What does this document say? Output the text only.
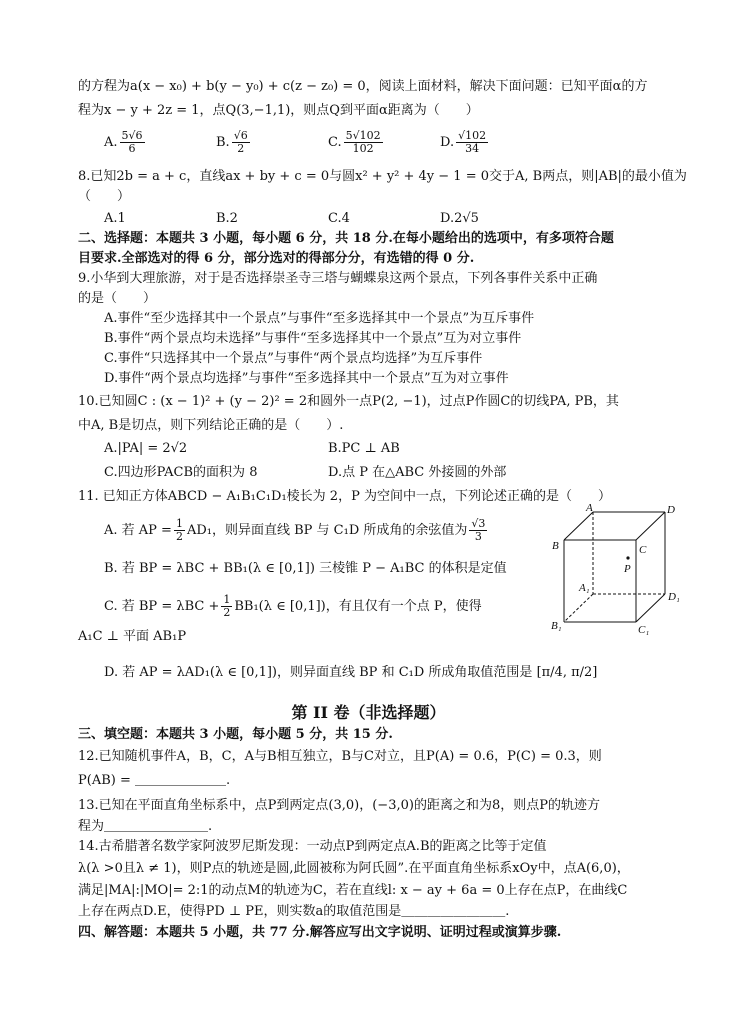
的方程为a(x − x₀) + b(y − y₀) + c(z − z₀) = 0，阅读上面材料，解决下面问题：已知平面α的方
程为x − y + 2z = 1，点Q(3,−1,1)，则点Q到平面α距离为（　　）
A. $\frac{5√6}{6}$	B. $\frac{√6}{2}$	C. $\frac{5√102}{102}$	D. $\frac{√102}{34}$
8.已知2b = a + c，直线ax + by + c = 0与圆x² + y² + 4y − 1 = 0交于A, B两点，则|AB|的最小值为
（　　）
A.1	B.2	C.4	D.2√5
二、选择题：本题共 3 小题，每小题 6 分，共 18 分.在每小题给出的选项中，有多项符合题
目要求.全部选对的得 6 分，部分选对的得部分分，有选错的得 0 分.
9.小华到大理旅游，对于是否选择崇圣寺三塔与蝴蝶泉这两个景点，下列各事件关系中正确
的是（　　）
A.事件“至少选择其中一个景点”与事件“至多选择其中一个景点”为互斥事件
B.事件“两个景点均未选择”与事件“至多选择其中一个景点”互为对立事件
C.事件“只选择其中一个景点”与事件“两个景点均选择”为互斥事件
D.事件“两个景点均选择”与事件“至多选择其中一个景点”互为对立事件
10.已知圆C : (x − 1)² + (y − 2)² = 2和圆外一点P(2, −1)，过点P作圆C的切线PA, PB，其
中A, B是切点，则下列结论正确的是（　　）.
A.|PA| = 2√2	B.PC ⊥ AB
C.四边形PACB的面积为 8	D.点 P 在△ABC 外接圆的外部
11. 已知正方体ABCD − A₁B₁C₁D₁棱长为 2，P 为空间中一点，下列论述正确的是（　　）
A. 若 AP = $\frac{1}{2} AD_1$，则异面直线 BP 与 C₁D 所成角的余弦值为 $\frac{√3}{3}$
B. 若 BP = λBC + BB₁(λ ∈ [0,1]) 三棱锥 P − A₁BC 的体积是定值
C. 若 BP = $\lambda BC + \frac{1}{2} BB_1(\lambda$ ∈ [0,1])，有且仅有一个点 P，使得
A₁C ⊥ 平面 AB₁P
D. 若 AP = λAD₁(λ ∈ [0,1])，则异面直线 BP 和 C₁D 所成角取值范围是 [π/4, π/2]
A	D
B	C
P
A₁
D₁
B₁	C₁
第 II 卷（非选择题）
三、填空题：本题共 3 小题，每小题 5 分，共 15 分.
12.已知随机事件A，B，C，A与B相互独立，B与C对立，且P(A) = 0.6，P(C) = 0.3，则
P(AB) = ＿＿＿＿＿＿＿.
13.已知在平面直角坐标系中，点P到两定点(3,0)，(−3,0)的距离之和为8，则点P的轨迹方
程为＿＿＿＿＿＿＿＿.
14.古希腊著名数学家阿波罗尼斯发现：一动点P到两定点A.B的距离之比等于定值
λ(λ >0且λ ≠ 1)，则P点的轨迹是圆,此圆被称为阿氏圆”.在平面直角坐标系xOy中，点A(6,0)，
满足|MA|:|MO|= 2:1的动点M的轨迹为C，若在直线l: x − ay + 6a = 0上存在点P，在曲线C
上存在两点D.E，使得PD ⊥ PE，则实数a的取值范围是＿＿＿＿＿＿＿＿.
四、解答题：本题共 5 小题，共 77 分.解答应写出文字说明、证明过程或演算步骤.
